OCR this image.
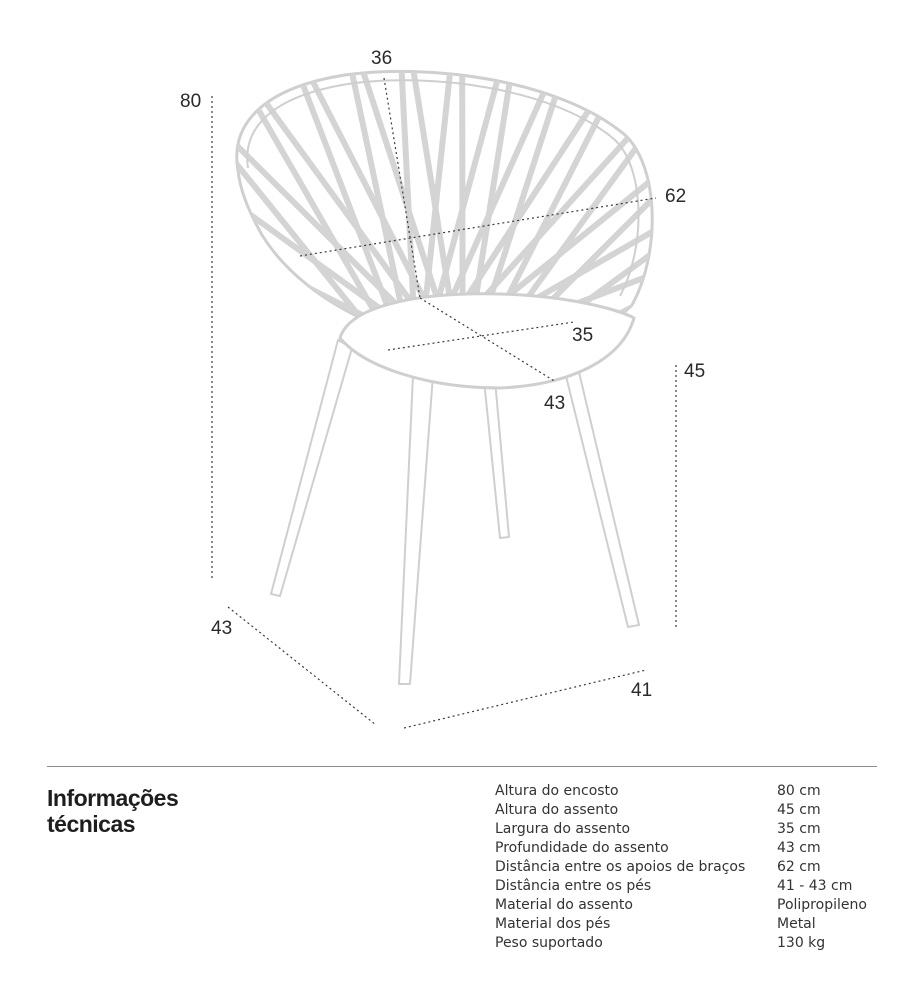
80
36
62
35
43
45
43
41
Informações técnicas
Altura do encosto	80 cm
Altura do assento	45 cm
Largura do assento	35 cm
Profundidade do assento	43 cm
Distância entre os apoios de braços	62 cm
Distância entre os pés	41 - 43 cm
Material do assento	Polipropileno
Material dos pés	Metal
Peso suportado	130 kg
